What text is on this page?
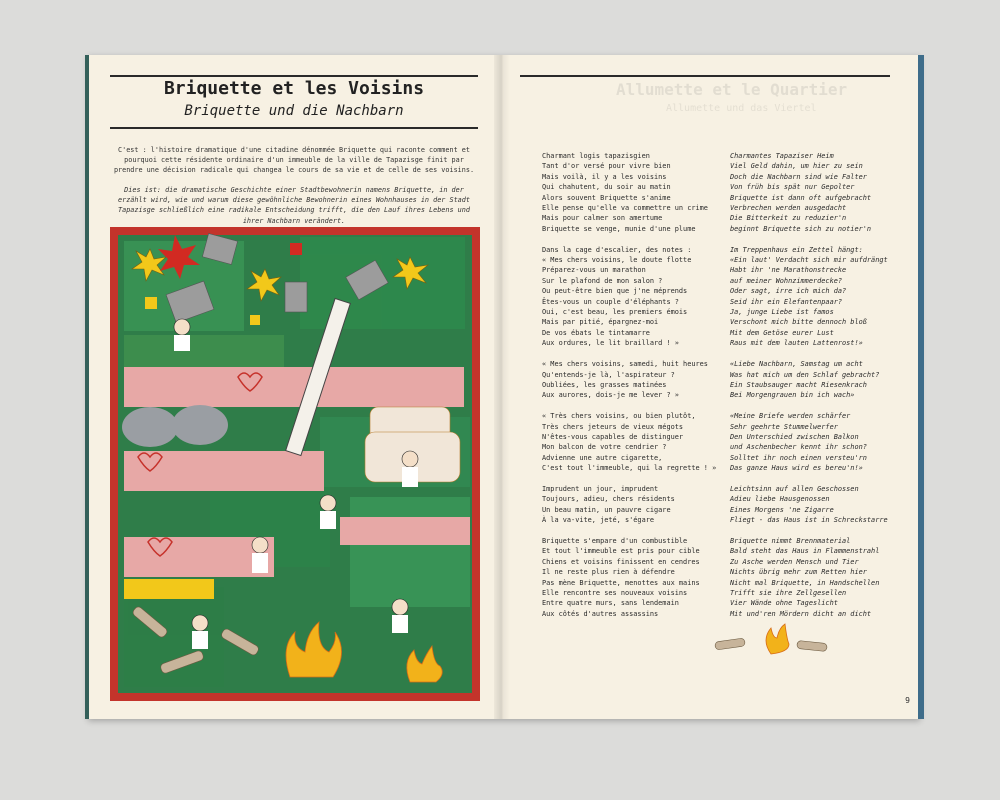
Briquette et les Voisins
Briquette und die Nachbarn
C'est : l'histoire dramatique d'une citadine dénommée Briquette qui raconte comment et pourquoi cette résidente ordinaire d'un immeuble de la ville de Tapazisge finit par prendre une décision radicale qui changea le cours de sa vie et de celle de ses voisins.
Dies ist: die dramatische Geschichte einer Stadtbewohnerin namens Briquette, in der erzählt wird, wie und warum diese gewöhnliche Bewohnerin eines Wohnhauses in der Stadt Tapazisge schließlich eine radikale Entscheidung trifft, die den Lauf ihres Lebens und ihrer Nachbarn verändert.
Allumette et le Quartier
Allumette und das Viertel
Charmant logis tapazisgien
Tant d'or versé pour vivre bien
Mais voilà, il y a les voisins
Qui chahutent, du soir au matin
Alors souvent Briquette s'anime
Elle pense qu'elle va commettre un crime
Mais pour calmer son amertume
Briquette se venge, munie d'une plume
Dans la cage d'escalier, des notes :
« Mes chers voisins, le doute flotte
Préparez-vous un marathon
Sur le plafond de mon salon ?
Ou peut-être bien que j'ne méprends
Êtes-vous un couple d'éléphants ?
Oui, c'est beau, les premiers émois
Mais par pitié, épargnez-moi
De vos ébats le tintamarre
Aux ordures, le lit braillard ! »
« Mes chers voisins, samedi, huit heures
Qu'entends-je là, l'aspirateur ?
Oubliées, les grasses matinées
Aux aurores, dois-je me lever ? »
« Très chers voisins, ou bien plutôt,
Très chers jeteurs de vieux mégots
N'êtes-vous capables de distinguer
Mon balcon de votre cendrier ?
Advienne une autre cigarette,
C'est tout l'immeuble, qui la regrette ! »
Imprudent un jour, imprudent
Toujours, adieu, chers résidents
Un beau matin, un pauvre cigare
À la va-vite, jeté, s'égare
Briquette s'empare d'un combustible
Et tout l'immeuble est pris pour cible
Chiens et voisins finissent en cendres
Il ne reste plus rien à défendre
Pas mène Briquette, menottes aux mains
Elle rencontre ses nouveaux voisins
Entre quatre murs, sans lendemain
Aux côtés d'autres assassins
Charmantes Tapaziser Heim
Viel Geld dahin, um hier zu sein
Doch die Nachbarn sind wie Falter
Von früh bis spät nur Gepolter
Briquette ist dann oft aufgebracht
Verbrechen werden ausgedacht
Die Bitterkeit zu reduzier'n
beginnt Briquette sich zu notier'n
Im Treppenhaus ein Zettel hängt:
«Ein laut' Verdacht sich mir aufdrängt
Habt ihr 'ne Marathonstrecke
auf meiner Wohnzimmerdecke?
Oder sagt, irre ich mich da?
Seid ihr ein Elefantenpaar?
Ja, junge Liebe ist famos
Verschont mich bitte dennoch bloß
Mit dem Getöse eurer Lust
Raus mit dem lauten Lattenrost!»
«Liebe Nachbarn, Samstag um acht
Was hat mich um den Schlaf gebracht?
Ein Staubsauger macht Riesenkrach
Bei Morgengrauen bin ich wach»
«Meine Briefe werden schärfer
Sehr geehrte Stummelwerfer
Den Unterschied zwischen Balkon
und Aschenbecher kennt ihr schon?
Solltet ihr noch einen versteu'rn
Das ganze Haus wird es bereu'n!»
Leichtsinn auf allen Geschossen
Adieu liebe Hausgenossen
Eines Morgens 'ne Zigarre
Fliegt - das Haus ist in Schreckstarre
Briquette nimmt Brennmaterial
Bald steht das Haus in Flammenstrahl
Zu Asche werden Mensch und Tier
Nichts übrig mehr zum Retten hier
Nicht mal Briquette, in Handschellen
Trifft sie ihre Zellgesellen
Vier Wände ohne Tageslicht
Mit und'ren Mördern dicht an dicht
9
